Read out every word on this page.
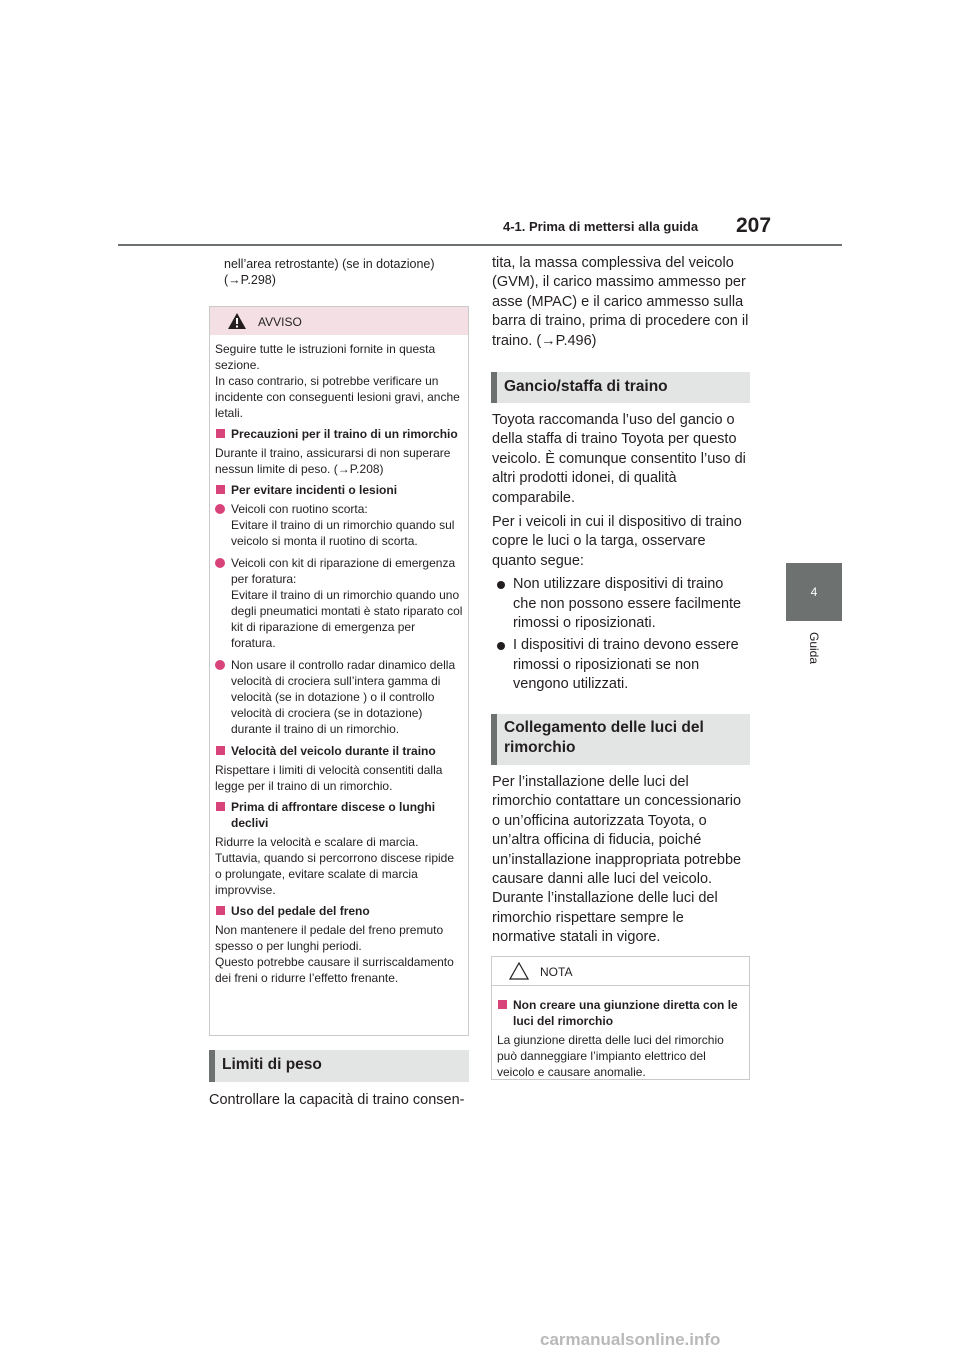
4-1. Prima di mettersi alla guida 207
4
Guida
nell’area retrostante) (se in dotazione)
(→P.298)
AVVISO

Seguire tutte le istruzioni fornite in questa sezione.
In caso contrario, si potrebbe verificare un incidente con conseguenti lesioni gravi, anche letali.

Precauzioni per il traino di un rimorchio

Durante il traino, assicurarsi di non superare nessun limite di peso. (→P.208)

Per evitare incidenti o lesioni
Veicoli con ruotino scorta:
Evitare il traino di un rimorchio quando sul veicolo si monta il ruotino di scorta.
Veicoli con kit di riparazione di emergenza per foratura:
Evitare il traino di un rimorchio quando uno degli pneumatici montati è stato riparato col kit di riparazione di emergenza per foratura.
Non usare il controllo radar dinamico della velocità di crociera sull’intera gamma di velocità (se in dotazione ) o il controllo velocità di crociera (se in dotazione) durante il traino di un rimorchio.
Velocità del veicolo durante il traino

Rispettare i limiti di velocità consentiti dalla legge per il traino di un rimorchio.

Prima di affrontare discese o lunghi declivi

Ridurre la velocità e scalare di marcia. Tuttavia, quando si percorrono discese ripide o prolungate, evitare scalate di marcia improvvise.

Uso del pedale del freno

Non mantenere il pedale del freno premuto spesso o per lunghi periodi.
Questo potrebbe causare il surriscaldamento dei freni o ridurre l’effetto frenante.

Limiti di peso
Controllare la capacità di traino consen-
tita, la massa complessiva del veicolo (GVM), il carico massimo ammesso per asse (MPAC) e il carico ammesso sulla barra di traino, prima di procedere con il traino. (→P.496)
Gancio/staffa di traino

Toyota raccomanda l’uso del gancio o della staffa di traino Toyota per questo veicolo. È comunque consentito l’uso di altri prodotti idonei, di qualità comparabile.

Per i veicoli in cui il dispositivo di traino copre le luci o la targa, osservare quanto segue:

Non utilizzare dispositivi di traino che non possono essere facilmente rimossi o riposizionati.
I dispositivi di traino devono essere rimossi o riposizionati se non vengono utilizzati.
Collegamento delle luci del rimorchio
Per l’installazione delle luci del rimorchio contattare un concessionario o un’officina autorizzata Toyota, o un’altra officina di fiducia, poiché un’installazione inappropriata potrebbe causare danni alle luci del veicolo. Durante l’installazione delle luci del rimorchio rispettare sempre le normative statali in vigore.
NOTA
Non creare una giunzione diretta con le luci del rimorchio

La giunzione diretta delle luci del rimorchio può danneggiare l’impianto elettrico del veicolo e causare anomalie.

carmanualsonline.info
